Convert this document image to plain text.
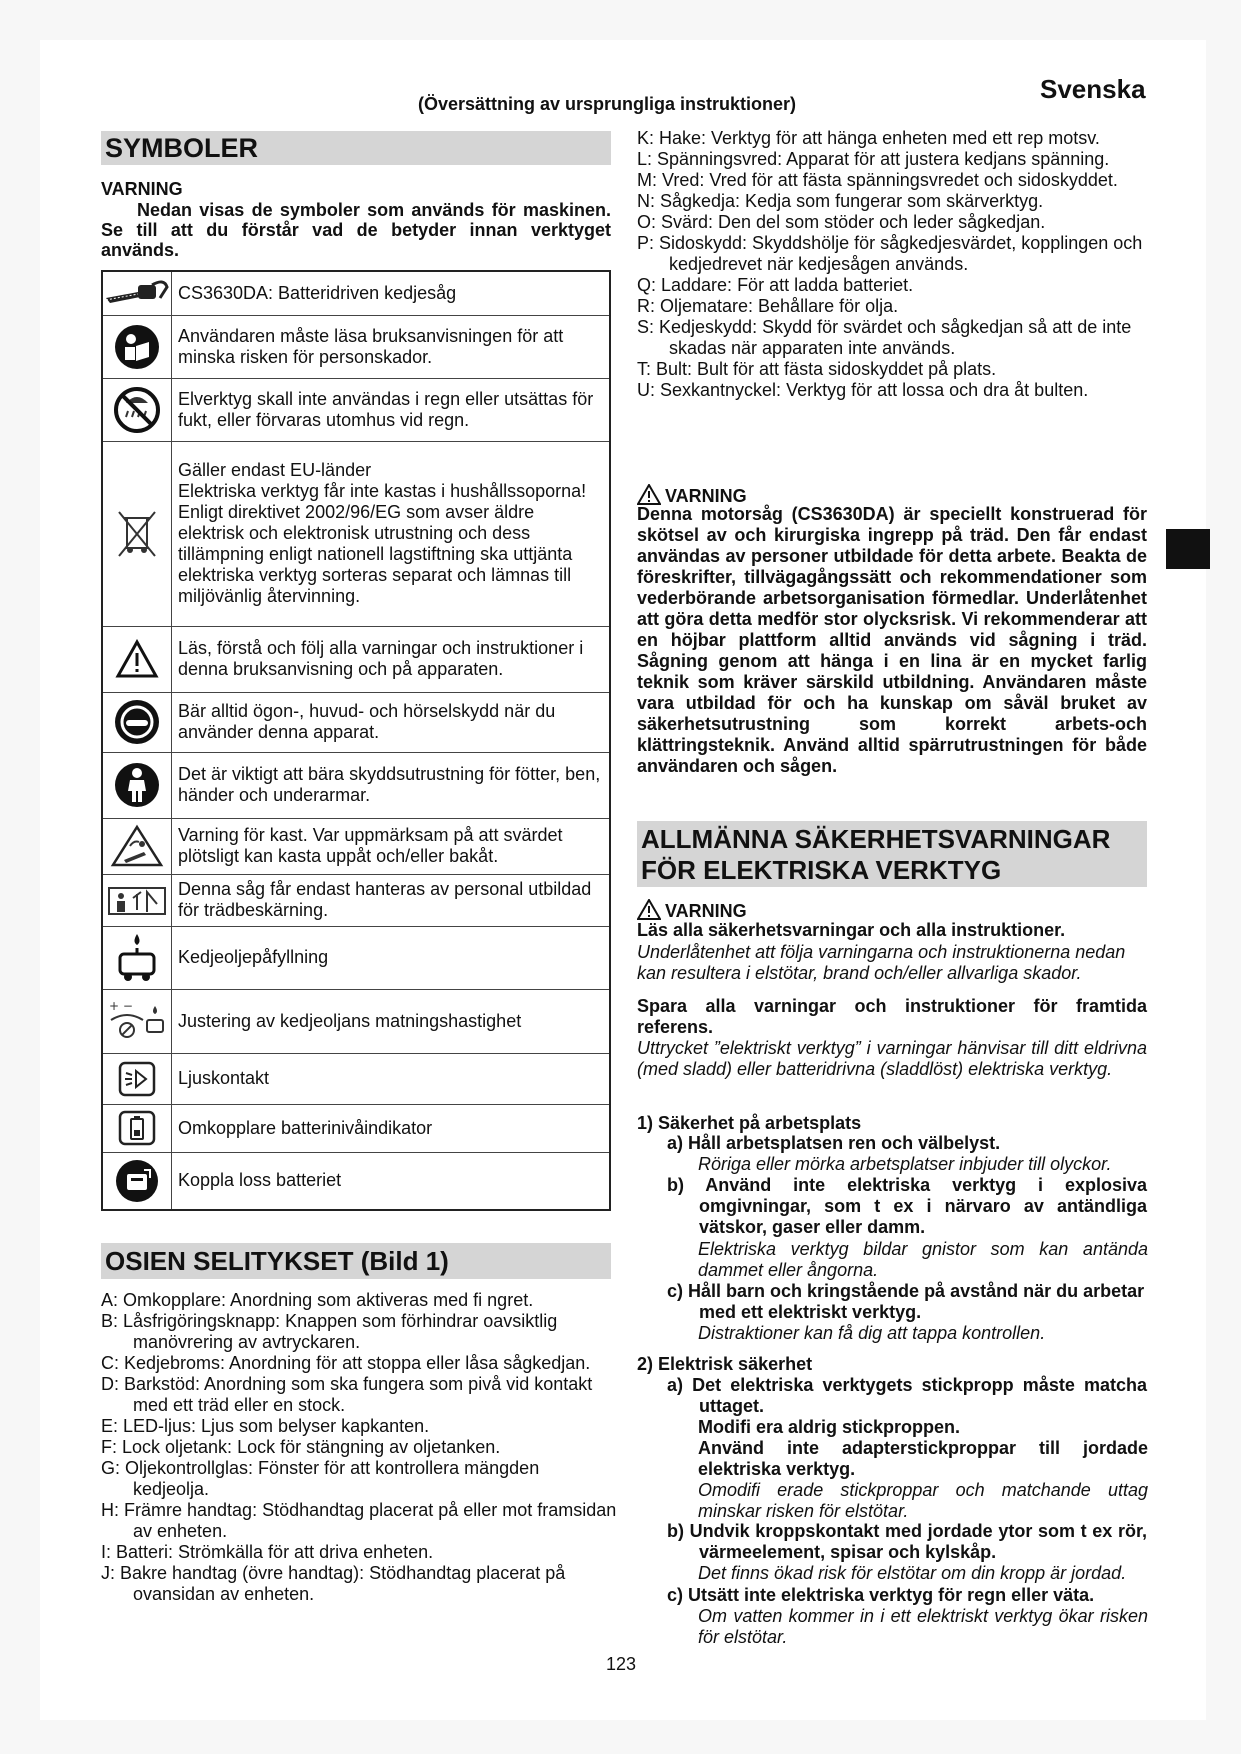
Svenska
(Översättning av ursprungliga instruktioner)
SYMBOLER
VARNING
Nedan visas de symboler som används för maskinen. Se till att du förstår vad de betyder innan verktyget används.
	CS3630DA: Batteridriven kedjesåg

	Användaren måste läsa bruksanvisningen för att minska risken för personskador.

	Elverktyg skall inte användas i regn eller utsättas för fukt, eller förvaras utomhus vid regn.

	Gäller endast EU-länder
Elektriska verktyg får inte kastas i hushållssoporna!
Enligt direktivet 2002/96/EG som avser äldre elektrisk och elektronisk utrustning och dess tillämpning enligt nationell lagstiftning ska uttjänta elektriska verktyg sorteras separat och lämnas till miljövänlig återvinning.

	Läs, förstå och följ alla varningar och instruktioner i denna bruksanvisning och på apparaten.

	Bär alltid ögon-, huvud- och hörselskydd när du använder denna apparat.

	Det är viktigt att bära skyddsutrustning för fötter, ben, händer och underarmar.

	Varning för kast. Var uppmärksam på att svärdet plötsligt kan kasta uppåt och/eller bakåt.

	Denna såg får endast hanteras av personal utbildad för trädbeskärning.

	Kedjeoljepåfyllning

+ −	Justering av kedjeoljans matningshastighet

	Ljuskontakt

	Omkopplare batterinivåindikator

	Koppla loss batteriet
OSIEN SELITYKSET (Bild 1)
A: Omkopplare: Anordning som aktiveras med fi ngret.
B: Låsfrigöringsknapp: Knappen som förhindrar oavsiktlig manövrering av avtryckaren.
C: Kedjebroms: Anordning för att stoppa eller låsa sågkedjan.
D: Barkstöd: Anordning som ska fungera som pivå vid kontakt med ett träd eller en stock.
E: LED-ljus: Ljus som belyser kapkanten.
F: Lock oljetank: Lock för stängning av oljetanken.
G: Oljekontrollglas: Fönster för att kontrollera mängden kedjeolja.
H: Främre handtag: Stödhandtag placerat på eller mot framsidan av enheten.
I: Batteri: Strömkälla för att driva enheten.
J: Bakre handtag (övre handtag): Stödhandtag placerat på ovansidan av enheten.
K: Hake: Verktyg för att hänga enheten med ett rep motsv.
L: Spänningsvred: Apparat för att justera kedjans spänning.
M: Vred: Vred för att fästa spänningsvredet och sidoskyddet.
N: Sågkedja: Kedja som fungerar som skärverktyg.
O: Svärd: Den del som stöder och leder sågkedjan.
P: Sidoskydd: Skyddshölje för sågkedjesvärdet, kopplingen och kedjedrevet när kedjesågen används.
Q: Laddare: För att ladda batteriet.
R: Oljematare: Behållare för olja.
S: Kedjeskydd: Skydd för svärdet och sågkedjan så att de inte skadas när apparaten inte används.
T: Bult: Bult för att fästa sidoskyddet på plats.
U: Sexkantnyckel: Verktyg för att lossa och dra åt bulten.
VARNING
Denna motorsåg (CS3630DA) är speciellt konstruerad för skötsel av och kirurgiska ingrepp på träd. Den får endast användas av personer utbildade för detta arbete. Beakta de föreskrifter, tillvägagångssätt och rekommendationer som vederbörande arbetsorganisation förmedlar. Underlåtenhet att göra detta medför stor olycksrisk. Vi rekommenderar att en höjbar plattform alltid används vid sågning i träd. Sågning genom att hänga i en lina är en mycket farlig teknik som kräver särskild utbildning. Användaren måste vara utbildad för och ha kunskap om såväl bruket av säkerhetsutrustning som korrekt arbets-och klättringsteknik. Använd alltid spärrutrustningen för både användaren och sågen.
ALLMÄNNA SÄKERHETSVARNINGAR FÖR ELEKTRISKA VERKTYG
VARNING
Läs alla säkerhetsvarningar och alla instruktioner.
Underlåtenhet att följa varningarna och instruktionerna nedan kan resultera i elstötar, brand och/eller allvarliga skador.
Spara alla varningar och instruktioner för framtida referens.
Uttrycket ”elektriskt verktyg” i varningar hänvisar till ditt eldrivna (med sladd) eller batteridrivna (sladdlöst) elektriska verktyg.
1) Säkerhet på arbetsplats
a) Håll arbetsplatsen ren och välbelyst.
Röriga eller mörka arbetsplatser inbjuder till olyckor.
b) Använd inte elektriska verktyg i explosiva omgivningar, som t ex i närvaro av antändliga vätskor, gaser eller damm.
Elektriska verktyg bildar gnistor som kan antända dammet eller ångorna.
c) Håll barn och kringstående på avstånd när du arbetar med ett elektriskt verktyg.
Distraktioner kan få dig att tappa kontrollen.
2) Elektrisk säkerhet
a) Det elektriska verktygets stickpropp måste matcha uttaget.
Modifi era aldrig stickproppen.
Använd inte adapterstickproppar till jordade elektriska verktyg.
Omodifi erade stickproppar och matchande uttag minskar risken för elstötar.
b) Undvik kroppskontakt med jordade ytor som t ex rör, värmeelement, spisar och kylskåp.
Det finns ökad risk för elstötar om din kropp är jordad.
c) Utsätt inte elektriska verktyg för regn eller väta.
Om vatten kommer in i ett elektriskt verktyg ökar risken för elstötar.
123
